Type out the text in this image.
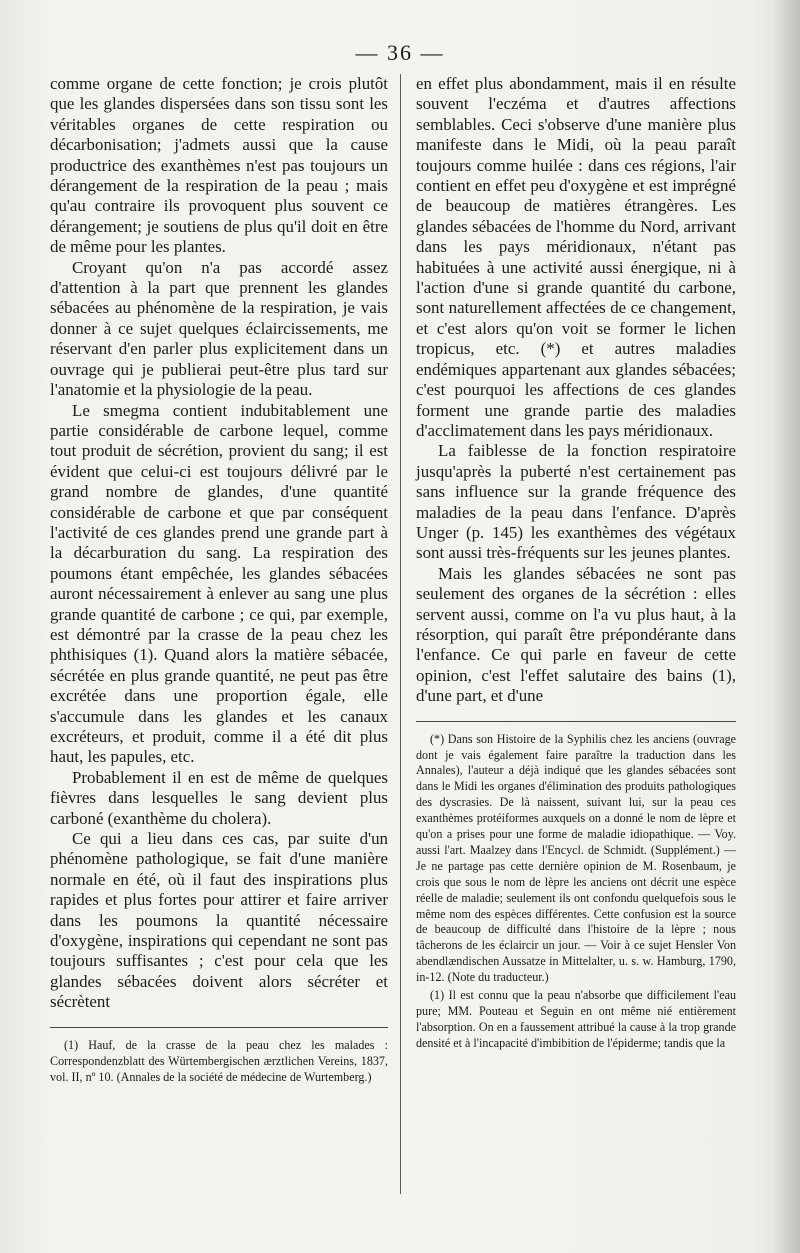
— 36 —

comme organe de cette fonction; je crois plutôt que les glandes dispersées dans son tissu sont les véritables organes de cette respiration ou décarbonisation; j'admets aussi que la cause productrice des exanthèmes n'est pas toujours un dérangement de la respiration de la peau ; mais qu'au contraire ils provoquent plus souvent ce dérangement; je soutiens de plus qu'il doit en être de même pour les plantes.

Croyant qu'on n'a pas accordé assez d'attention à la part que prennent les glandes sébacées au phénomène de la respiration, je vais donner à ce sujet quelques éclaircissements, me réservant d'en parler plus explicitement dans un ouvrage qui je publierai peut-être plus tard sur l'anatomie et la physiologie de la peau.

Le smegma contient indubitablement une partie considérable de carbone lequel, comme tout produit de sécrétion, provient du sang; il est évident que celui-ci est toujours délivré par le grand nombre de glandes, d'une quantité considérable de carbone et que par conséquent l'activité de ces glandes prend une grande part à la décarburation du sang. La respiration des poumons étant empêchée, les glandes sébacées auront nécessairement à enlever au sang une plus grande quantité de carbone ; ce qui, par exemple, est démontré par la crasse de la peau chez les phthisiques (1). Quand alors la matière sébacée, sécrétée en plus grande quantité, ne peut pas être excrétée dans une proportion égale, elle s'accumule dans les glandes et les canaux excréteurs, et produit, comme il a été dit plus haut, les papules, etc.

Probablement il en est de même de quelques fièvres dans lesquelles le sang devient plus carboné (exanthème du cholera).

Ce qui a lieu dans ces cas, par suite d'un phénomène pathologique, se fait d'une manière normale en été, où il faut des inspirations plus rapides et plus fortes pour attirer et faire arriver dans les poumons la quantité nécessaire d'oxygène, inspirations qui cependant ne sont pas toujours suffisantes ; c'est pour cela que les glandes sébacées doivent alors sécréter et sécrètent

(1) Hauf, de la crasse de la peau chez les malades : Correspondenzblatt des Würtembergischen ærztlichen Vereins, 1837, vol. II, nº 10. (Annales de la société de médecine de Wurtemberg.)

en effet plus abondamment, mais il en résulte souvent l'eczéma et d'autres affections semblables. Ceci s'observe d'une manière plus manifeste dans le Midi, où la peau paraît toujours comme huilée : dans ces régions, l'air contient en effet peu d'oxygène et est imprégné de beaucoup de matières étrangères. Les glandes sébacées de l'homme du Nord, arrivant dans les pays méridionaux, n'étant pas habituées à une activité aussi énergique, ni à l'action d'une si grande quantité du carbone, sont naturellement affectées de ce changement, et c'est alors qu'on voit se former le lichen tropicus, etc. (*) et autres maladies endémiques appartenant aux glandes sébacées; c'est pourquoi les affections de ces glandes forment une grande partie des maladies d'acclimatement dans les pays méridionaux.

La faiblesse de la fonction respiratoire jusqu'après la puberté n'est certainement pas sans influence sur la grande fréquence des maladies de la peau dans l'enfance. D'après Unger (p. 145) les exanthèmes des végétaux sont aussi très-fréquents sur les jeunes plantes.

Mais les glandes sébacées ne sont pas seulement des organes de la sécrétion : elles servent aussi, comme on l'a vu plus haut, à la résorption, qui paraît être prépondérante dans l'enfance. Ce qui parle en faveur de cette opinion, c'est l'effet salutaire des bains (1), d'une part, et d'une

(*) Dans son Histoire de la Syphilis chez les anciens (ouvrage dont je vais également faire paraître la traduction dans les Annales), l'auteur a déjà indiqué que les glandes sébacées sont dans le Midi les organes d'élimination des produits pathologiques des dyscrasies. De là naissent, suivant lui, sur la peau ces exanthèmes protéiformes auxquels on a donné le nom de lèpre et qu'on a prises pour une forme de maladie idiopathique. — Voy. aussi l'art. Maalzey dans l'Encycl. de Schmidt. (Supplément.) — Je ne partage pas cette dernière opinion de M. Rosenbaum, je crois que sous le nom de lèpre les anciens ont décrit une espèce réelle de maladie; seulement ils ont confondu quelquefois sous le même nom des espèces différentes. Cette confusion est la source de beaucoup de difficulté dans l'histoire de la lèpre ; nous tâcherons de les éclaircir un jour. — Voir à ce sujet Hensler Von abendlændischen Aussatze in Mittelalter, u. s. w. Hamburg, 1790, in-12. (Note du traducteur.)

(1) Il est connu que la peau n'absorbe que difficilement l'eau pure; MM. Pouteau et Seguin en ont même nié entièrement l'absorption. On en a faussement attribué la cause à la trop grande densité et à l'incapacité d'imbibition de l'épiderme; tandis que la
